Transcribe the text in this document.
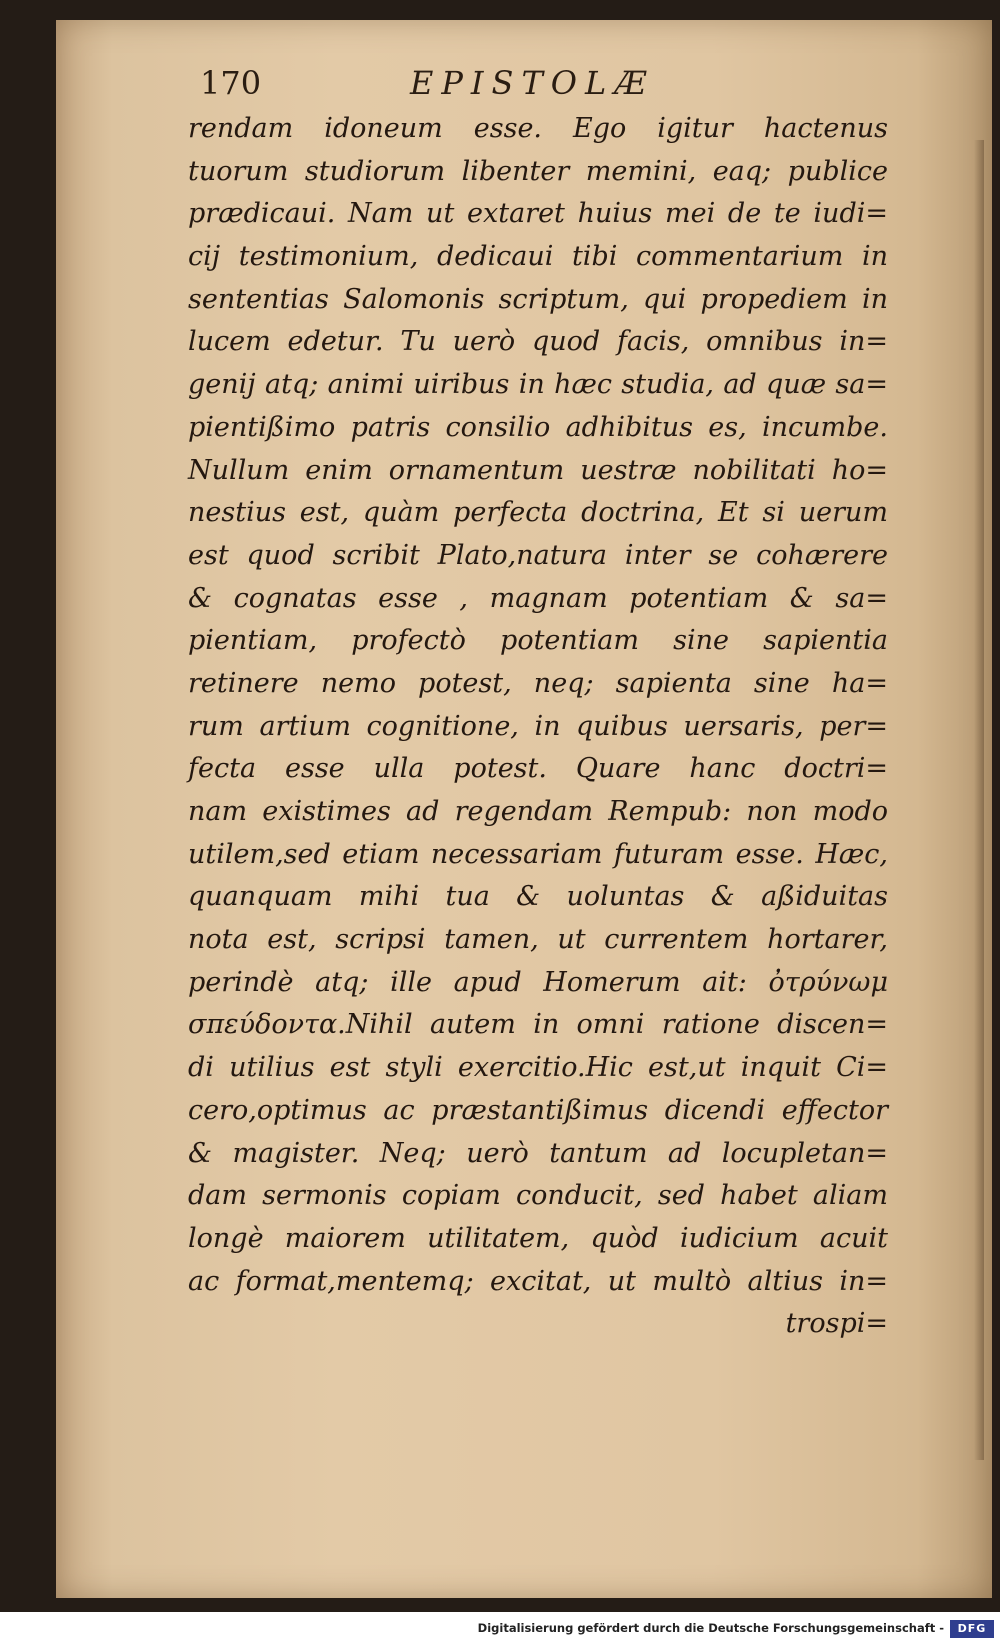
170	EPISTOLÆ
rendam idoneum esse. Ego igitur hactenus
tuorum studiorum libenter memini, eaq; publice
prædicaui. Nam ut extaret huius mei de te iudi=
cij testimonium, dedicaui tibi commentarium in
sententias Salomonis scriptum, qui propediem in
lucem edetur. Tu uerò quod facis, omnibus in=
genij atq; animi uiribus in hæc studia, ad quæ sa=
pientißimo patris consilio adhibitus es, incumbe.
Nullum enim ornamentum uestræ nobilitati ho=
nestius est, quàm perfecta doctrina, Et si uerum
est quod scribit Plato,natura inter se cohærere
& cognatas esse , magnam potentiam & sa=
pientiam, profectò potentiam sine sapientia
retinere nemo potest, neq; sapienta sine ha=
rum artium cognitione, in quibus uersaris, per=
fecta esse ulla potest. Quare hanc doctri=
nam existimes ad regendam Rempub: non modo
utilem,sed etiam necessariam futuram esse. Hæc,
quanquam mihi tua & uoluntas & aßiduitas
nota est, scripsi tamen, ut currentem hortarer,
perindè atq; ille apud Homerum ait: ὀτρύνωμ
σπεύδοντα.Nihil autem in omni ratione discen=
di utilius est styli exercitio.Hic est,ut inquit Ci=
cero,optimus ac præstantißimus dicendi effector
& magister. Neq; uerò tantum ad locupletan=
dam sermonis copiam conducit, sed habet aliam
longè maiorem utilitatem, quòd iudicium acuit
ac format,mentemq; excitat, ut multò altius in=
trospi=
Digitalisierung gefördert durch die Deutsche Forschungsgemeinschaft -	DFG
